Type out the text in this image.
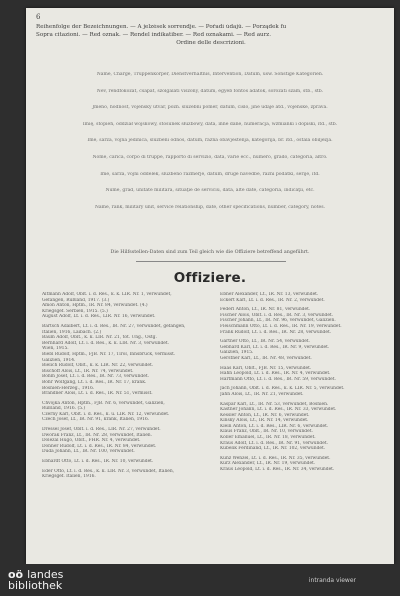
6
Reihenfolge der Bezeichnungen. — A jelzések sorrendje. — Pořadí údajů. — Porządek fu
Sopra citazioni. — Red oznak. — Rendel indikatiber. — Red oznakami. — Red aurz.
Ordine delle descrizioni.
Name, Charge, Truppenkörper, Dienstverhältnis, Intervention, Datum, usw. Sonstige Kategorien.
Név, rendfokozat, csapat, szolgálati viszony, dátum, egyéb fontos adatok, sorozati szám, stb., stb.
Jméno, hodnost, vojenský útvar, pozn. služební poměr, datum, číslo, jiné údaje atd., vojenské, zpráva.
Imię, stopień, oddział wojskowy, stosunek służbowy, data, inne dane, numeracja, wzmianki i dopiski, itd., stb.
Ime, šarža, vojna jedinica, službeni odnos, datum, razna obavještenja, kategorija, br. itd., ostala obilježja.
Nome, carica, corpo di truppe, rapporto di servizio, data, varie ecc., numero, grado, categoria, altro.
Ime, šarža, vojni oddelek, službeno razmerje, datum, druge navedbe, razni podatki, serije, itd.
Nume, grad, unitate militară, situaţie de serviciu, data, alte date, categoria, indicaţii, etc.
Name, rank, military unit, service relationship, date, other specifications, number, category, notes.
Die Hilfsstellen-Daten sind zum Teil gleich wie die Offiziere betreffend angeführt.
Offiziere.
Altmann Adolf, Oblt. i. d. Res., k. k. LIR. Nr. 1, verwundet,
Gefangen, Rußland, 1917. (3.)
Amon Anton, Hptm., IR. Nr. 84, verwundet. (4.)
Kriegsgef. Serbien, 1915. (5.)
August Adolf, Lt. i. d. Res., LIR. Nr. 16, verwundet.
Bartsch Adalbert, Lt. i. d. Res., IR. Nr. 27, verwundet, gefangen,
Italien, 1916, Laibach. (2.)
Baum Adolf, Oblt., k. k. LIR. Nr. 21, tot. Ung., Ostg.
Bernhard Adolf, Lt. i. d. Res., k. k. LIR. Nr. 3, verwundet.
Wien, 1915.
Biebl Rudolf, Hptm., FJB. Nr. 17, Tirol, Innsbruck, vermisst.
Galizien, 1914.
Bielich Rudolf, Oblt., k. k. LIR. Nr. 22, verwundet.
Bischoff Alois, Lt., IR. Nr. 74, verwundet.
Böhm Josef, Lt. i. d. Res., IR. Nr. 73, verwundet.
Bohr Wolfgang, Lt. i. d. Res., IR. Nr. 17, krank.
Bosnien-Herzeg., 1916.
Brandner Alois, Lt. i. d. Res., IR. Nr. 51, vermisst.
Chvojka Anton, Hptm., FJB. Nr. 6, verwundet, Galizien,
Rußland, 1916. (5.)
Czerny Karl, Oblt. i. d. Res., k. u. LIR. Nr. 12, verwundet.
Czech Josef, Lt., IR. Nr. 91, krank, Italien, 1916.
Dressel Josef, Oblt. i. d. Res., LIR. Nr. 27, verwundet.
Dworak Franz, Lt., IR. Nr. 28, verwundet, Italien.
Doležal Hugo, Oblt., FHR. Nr. 4, verwundet.
Donner Rudolf, Lt. i. d. Res., IR. Nr. 84, verwundet.
Duda Johann, Lt., IR. Nr. 100, verwundet.
Ebhardt Otto, Lt. i. d. Res., IR. Nr. 10, verwundet.
Eder Otto, Lt. i. d. Res., k. k. LIR. Nr. 3, verwundet, Italien,
Kriegsgef. Italien, 1916.
Ebner Alexander, Lt., IR. Nr. 13, verwundet.
Eckert Karl, Lt. i. d. Res., IR. Nr. 2, verwundet.
Federl Anton, Lt., IR. Nr. 81, verwundet.
Fischer Alois, Oblt. i. d. Res., IR. Nr. 3, verwundet.
Fischer Johann, Lt., IR. Nr. 96, verwundet, Galizien.
Fleischmann Otto, Lt. i. d. Res., IR. Nr. 19, verwundet.
Frank Rudolf, Lt. i. d. Res., IR. Nr. 28, verwundet.
Gärtner Otto, Lt., IR. Nr. 54, verwundet.
Gebhard Karl, Lt. i. d. Res., IR. Nr. 9, verwundet.
Galizien, 1915.
Gerstner Karl, Lt., IR. Nr. 48, verwundet.
Haas Karl, Oblt., FJB. Nr. 15, verwundet.
Hahn Leopold, Lt. i. d. Res., IR. Nr. 4, verwundet.
Hartmann Otto, Lt. i. d. Res., IR. Nr. 59, verwundet.
Jach Johann, Oblt. i. d. Res., k. k. LIR. Nr. 5, verwundet.
Jahn Alois, Lt., IR. Nr. 21, verwundet.
Kaspar Karl, Lt., IR. Nr. 53, verwundet, Bosnien.
Kastner Johann, Lt. i. d. Res., IR. Nr. 33, verwundet.
Kessler Anton, Lt., IR. Nr. 6, verwundet.
Kinsky Alois, Lt., IR. Nr. 14, verwundet.
Klein Anton, Lt. i. d. Res., LIR. Nr. 6, verwundet.
Klaus Franz, Oblt., IR. Nr. 10, verwundet.
Koller Emanuel, Lt., IR. Nr. 18, verwundet.
Kraus Adolf, Lt. i. d. Res., IR. Nr. 91, verwundet.
Kubelik Ferdinand, Lt., IR. Nr. 102, verwundet.
Kunz Wenzel, Lt. i. d. Res., IR. Nr. 35, verwundet.
Kurz Alexander, Lt., IR. Nr. 19, verwundet.
Kraus Leopold, Lt. i. d. Res., IR. Nr. 34, verwundet.
oö landes
bibliothek	intranda viewer
